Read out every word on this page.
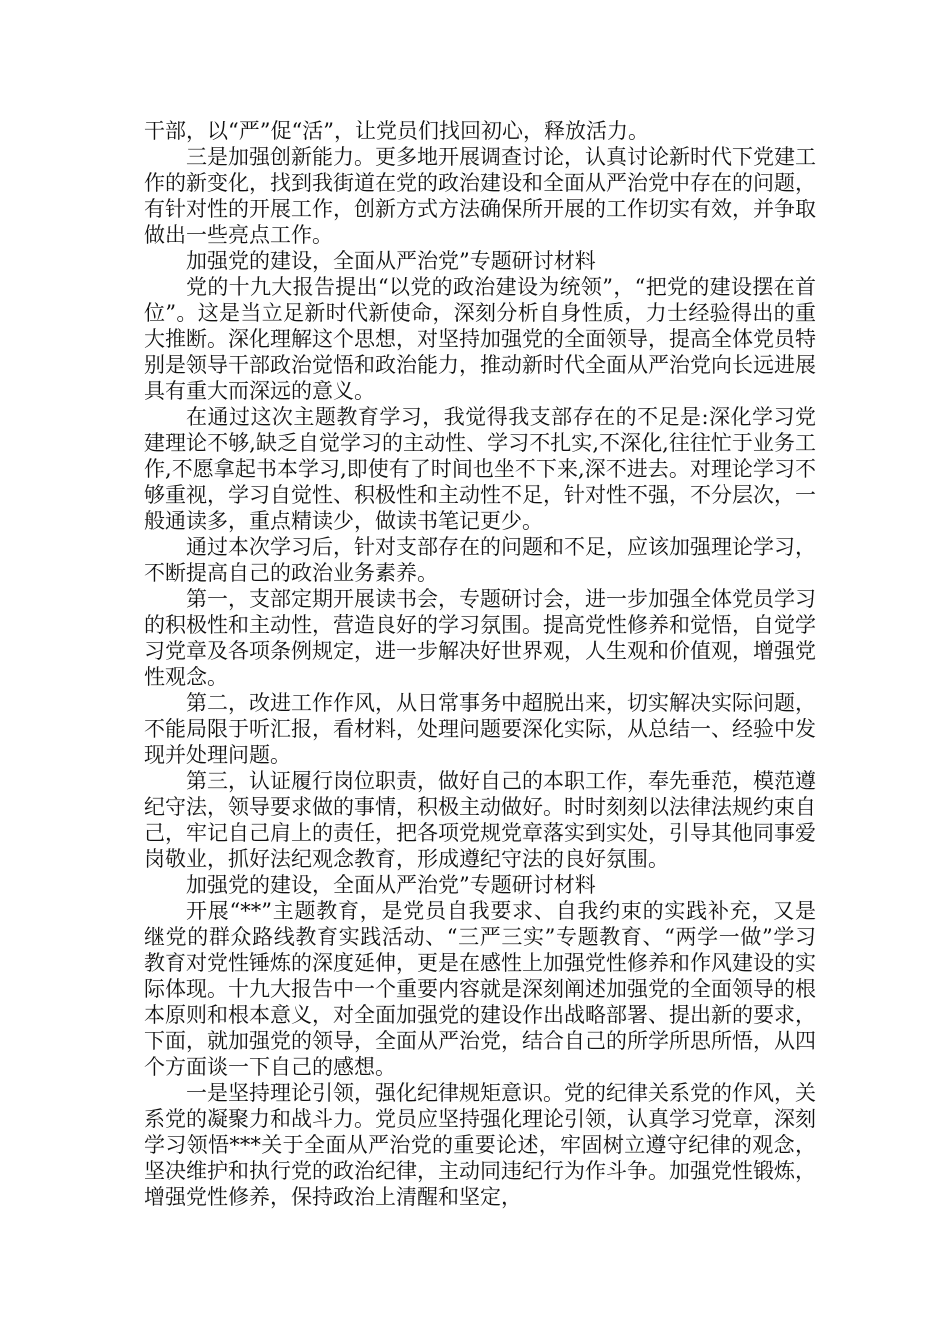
干部，以“严”促“活”，让党员们找回初心，释放活力。

三是加强创新能力。更多地开展调查讨论，认真讨论新时代下党建工作的新变化，找到我街道在党的政治建设和全面从严治党中存在的问题，有针对性的开展工作，创新方式方法确保所开展的工作切实有效，并争取做出一些亮点工作。

加强党的建设，全面从严治党”专题研讨材料

党的十九大报告提出“以党的政治建设为统领”，“把党的建设摆在首位”。这是当立足新时代新使命，深刻分析自身性质，力士经验得出的重大推断。深化理解这个思想，对坚持加强党的全面领导，提高全体党员特别是领导干部政治觉悟和政治能力，推动新时代全面从严治党向长远进展具有重大而深远的意义。

在通过这次主题教育学习，我觉得我支部存在的不足是:深化学习党建理论不够,缺乏自觉学习的主动性、学习不扎实,不深化,往往忙于业务工作,不愿拿起书本学习,即使有了时间也坐不下来,深不进去。对理论学习不够重视，学习自觉性、积极性和主动性不足，针对性不强，不分层次，一般通读多，重点精读少，做读书笔记更少。

通过本次学习后，针对支部存在的问题和不足，应该加强理论学习，不断提高自己的政治业务素养。

第一，支部定期开展读书会，专题研讨会，进一步加强全体党员学习的积极性和主动性，营造良好的学习氛围。提高党性修养和觉悟，自觉学习党章及各项条例规定，进一步解决好世界观，人生观和价值观，增强党性观念。

第二，改进工作作风，从日常事务中超脱出来，切实解决实际问题，不能局限于听汇报，看材料，处理问题要深化实际，从总结一、经验中发现并处理问题。

第三，认证履行岗位职责，做好自己的本职工作，奉先垂范，模范遵纪守法，领导要求做的事情，积极主动做好。时时刻刻以法律法规约束自己，牢记自己肩上的责任，把各项党规党章落实到实处，引导其他同事爱岗敬业，抓好法纪观念教育，形成遵纪守法的良好氛围。

加强党的建设，全面从严治党”专题研讨材料

开展“**”主题教育，是党员自我要求、自我约束的实践补充，又是继党的群众路线教育实践活动、“三严三实”专题教育、“两学一做”学习教育对党性锤炼的深度延伸，更是在感性上加强党性修养和作风建设的实际体现。十九大报告中一个重要内容就是深刻阐述加强党的全面领导的根本原则和根本意义，对全面加强党的建设作出战略部署、提出新的要求，下面，就加强党的领导，全面从严治党，结合自己的所学所思所悟，从四个方面谈一下自己的感想。

一是坚持理论引领，强化纪律规矩意识。党的纪律关系党的作风，关系党的凝聚力和战斗力。党员应坚持强化理论引领，认真学习党章，深刻学习领悟***关于全面从严治党的重要论述，牢固树立遵守纪律的观念，坚决维护和执行党的政治纪律，主动同违纪行为作斗争。加强党性锻炼，增强党性修养，保持政治上清醒和坚定，
